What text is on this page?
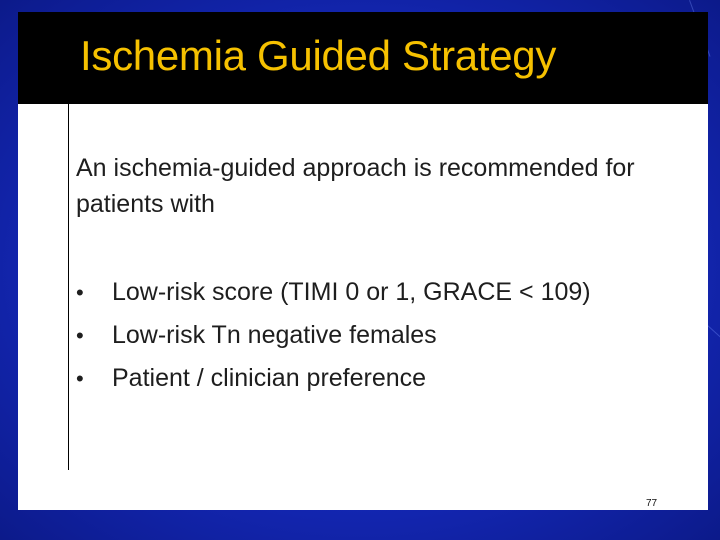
Ischemia Guided Strategy

An ischemia-guided approach is recommended for patients with

•	Low-risk score (TIMI 0 or 1, GRACE < 109)
•	Low-risk Tn negative females
•	Patient / clinician preference
77
